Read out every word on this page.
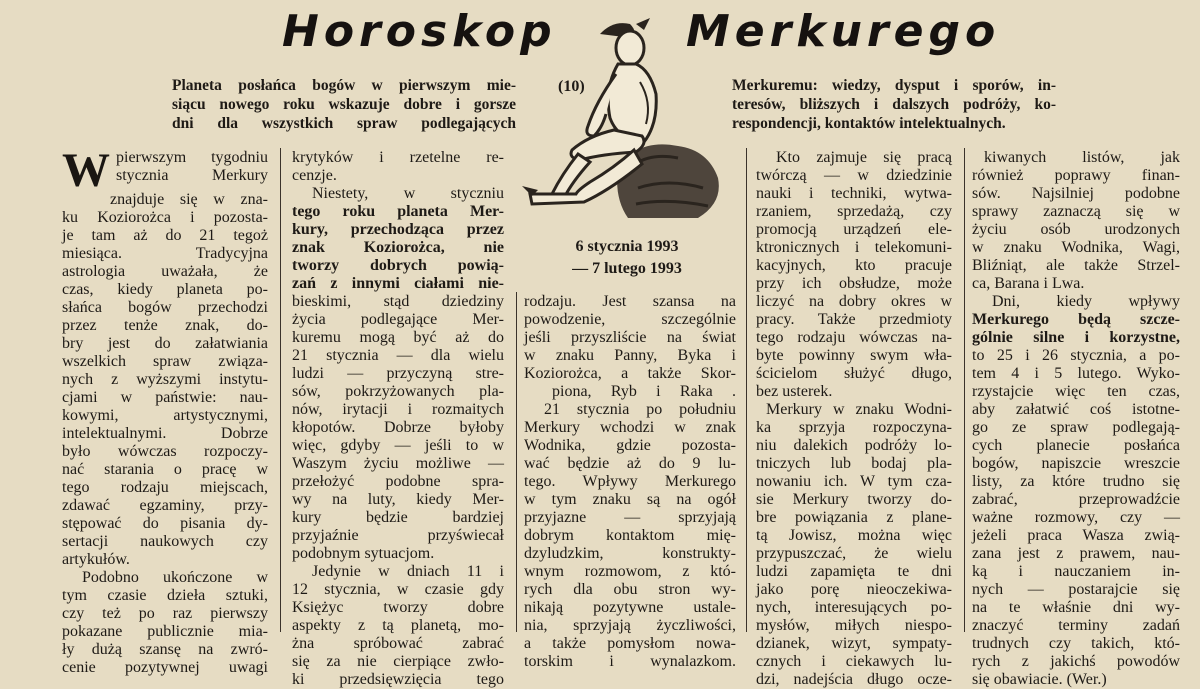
Horoskop	Merkurego
Planeta posłańca bogów w pierwszym mie-
siącu nowego roku wskazuje dobre i gorsze
dni dla wszystkich spraw podlegających
Merkuremu: wiedzy, dysput i sporów, in-
teresów, bliższych i dalszych podróży, ko-
respondencji, kontaktów intelektualnych.
(10)
6 stycznia 1993
— 7 lutego 1993
W pierwszym tygodniu
stycznia Merkury
znajduje się w zna-
ku Koziorożca i pozosta-
je tam aż do 21 tegoż
miesiąca. Tradycyjna
astrologia uważała, że
czas, kiedy planeta po-
słańca bogów przechodzi
przez tenże znak, do-
bry jest do załatwiania
wszelkich spraw związa-
nych z wyższymi instytu-
cjami w państwie: nau-
kowymi, artystycznymi,
intelektualnymi. Dobrze
było wówczas rozpoczy-
nać starania o pracę w
tego rodzaju miejscach,
zdawać egzaminy, przy-
stępować do pisania dy-
sertacji naukowych czy
artykułów.
Podobno ukończone w
tym czasie dzieła sztuki,
czy też po raz pierwszy
pokazane publicznie mia-
ły dużą szansę na zwró-
cenie pozytywnej uwagi
krytyków i rzetelne re-
cenzje.
Niestety, w styczniu
tego roku planeta Mer-
kury, przechodząca przez
znak Koziorożca, nie
tworzy dobrych powią-
zań z innymi ciałami nie-
bieskimi, stąd dziedziny
życia podlegające Mer-
kuremu mogą być aż do
21 stycznia — dla wielu
ludzi — przyczyną stre-
sów, pokrzyżowanych pla-
nów, irytacji i rozmaitych
kłopotów. Dobrze byłoby
więc, gdyby — jeśli to w
Waszym życiu możliwe —
przełożyć podobne spra-
wy na luty, kiedy Mer-
kury będzie bardziej
przyjaźnie przyświecał
podobnym sytuacjom.
Jedynie w dniach 11 i
12 stycznia, w czasie gdy
Księżyc tworzy dobre
aspekty z tą planetą, mo-
żna spróbować zabrać
się za nie cierpiące zwło-
ki przedsięwzięcia tego
rodzaju. Jest szansa na
powodzenie, szczególnie
jeśli przyszliście na świat
w znaku Panny, Byka i
Koziorożca, a także Skor-
piona, Ryb i Raka .
21 stycznia po południu
Merkury wchodzi w znak
Wodnika, gdzie pozosta-
wać będzie aż do 9 lu-
tego. Wpływy Merkurego
w tym znaku są na ogół
przyjazne — sprzyjają
dobrym kontaktom mię-
dzyludzkim, konstrukty-
wnym rozmowom, z któ-
rych dla obu stron wy-
nikają pozytywne ustale-
nia, sprzyjają życzliwości,
a także pomysłom nowa-
torskim i wynalazkom.
Kto zajmuje się pracą
twórczą — w dziedzinie
nauki i techniki, wytwa-
rzaniem, sprzedażą, czy
promocją urządzeń ele-
ktronicznych i telekomuni-
kacyjnych, kto pracuje
przy ich obsłudze, może
liczyć na dobry okres w
pracy. Także przedmioty
tego rodzaju wówczas na-
byte powinny swym wła-
ścicielom służyć długo,
bez usterek.
Merkury w znaku Wodni-
ka sprzyja rozpoczyna-
niu dalekich podróży lo-
tniczych lub bodaj pla-
nowaniu ich. W tym cza-
sie Merkury tworzy do-
bre powiązania z plane-
tą Jowisz, można więc
przypuszczać, że wielu
ludzi zapamięta te dni
jako porę nieoczekiwa-
nych, interesujących po-
mysłów, miłych niespo-
dzianek, wizyt, sympaty-
cznych i ciekawych lu-
dzi, nadejścia długo ocze-
kiwanych listów, jak
również poprawy finan-
sów. Najsilniej podobne
sprawy zaznaczą się w
życiu osób urodzonych
w znaku Wodnika, Wagi,
Bliźniąt, ale także Strzel-
ca, Barana i Lwa.
Dni, kiedy wpływy
Merkurego będą szcze-
gólnie silne i korzystne,
to 25 i 26 stycznia, a po-
tem 4 i 5 lutego. Wyko-
rzystajcie więc ten czas,
aby załatwić coś istotne-
go ze spraw podlegają-
cych planecie posłańca
bogów, napiszcie wreszcie
listy, za które trudno się
zabrać, przeprowadźcie
ważne rozmowy, czy —
jeżeli praca Wasza zwią-
zana jest z prawem, nau-
ką i nauczaniem in-
nych — postarajcie się
na te właśnie dni wy-
znaczyć terminy zadań
trudnych czy takich, któ-
rych z jakichś powodów
się obawiacie. (Wer.)
